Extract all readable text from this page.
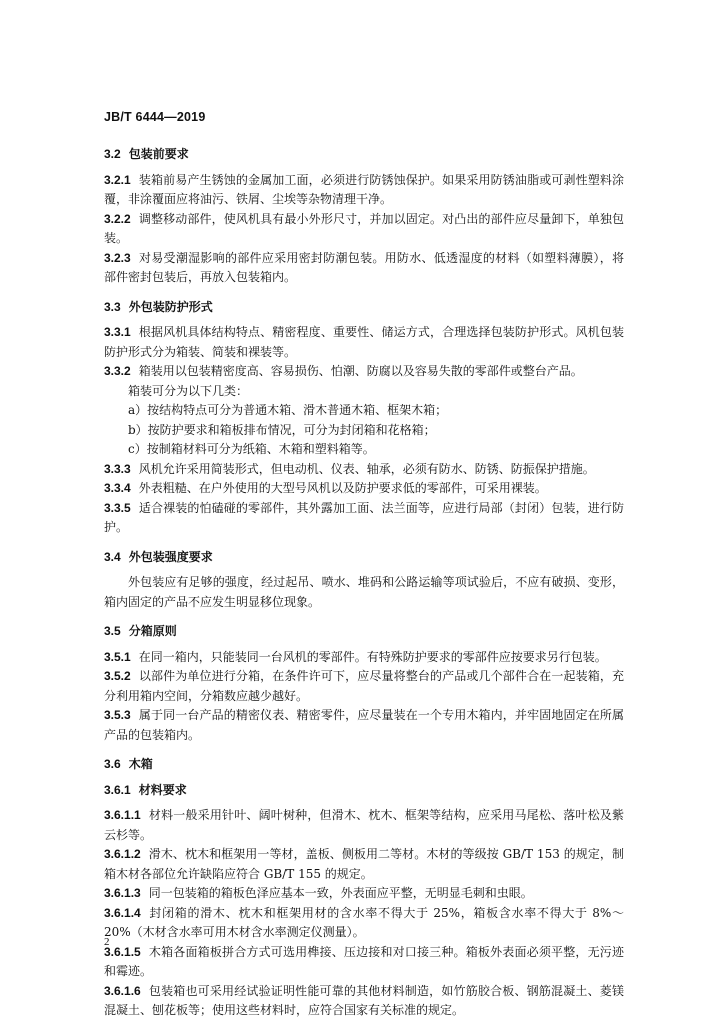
JB/T 6444—2019
3.2 包装前要求

3.2.1 装箱前易产生锈蚀的金属加工面，必须进行防锈蚀保护。如果采用防锈油脂或可剥性塑料涂覆，非涂覆面应将油污、铁屑、尘埃等杂物清理干净。

3.2.2 调整移动部件，使风机具有最小外形尺寸，并加以固定。对凸出的部件应尽量卸下，单独包装。

3.2.3 对易受潮湿影响的部件应采用密封防潮包装。用防水、低透湿度的材料（如塑料薄膜），将部件密封包装后，再放入包装箱内。

3.3 外包装防护形式

3.3.1 根据风机具体结构特点、精密程度、重要性、储运方式，合理选择包装防护形式。风机包装防护形式分为箱装、简装和裸装等。

3.3.2 箱装用以包装精密度高、容易损伤、怕潮、防腐以及容易失散的零部件或整台产品。

箱装可分为以下几类：

a）按结构特点可分为普通木箱、滑木普通木箱、框架木箱；

b）按防护要求和箱板排布情况，可分为封闭箱和花格箱；

c）按制箱材料可分为纸箱、木箱和塑料箱等。

3.3.3 风机允许采用简装形式，但电动机、仪表、轴承，必须有防水、防锈、防振保护措施。

3.3.4 外表粗糙、在户外使用的大型号风机以及防护要求低的零部件，可采用裸装。

3.3.5 适合裸装的怕磕碰的零部件，其外露加工面、法兰面等，应进行局部（封闭）包装，进行防护。

3.4 外包装强度要求

外包装应有足够的强度，经过起吊、喷水、堆码和公路运输等项试验后，不应有破损、变形，箱内固定的产品不应发生明显移位现象。

3.5 分箱原则

3.5.1 在同一箱内，只能装同一台风机的零部件。有特殊防护要求的零部件应按要求另行包装。

3.5.2 以部件为单位进行分箱，在条件许可下，应尽量将整台的产品或几个部件合在一起装箱，充分利用箱内空间，分箱数应越少越好。

3.5.3 属于同一台产品的精密仪表、精密零件，应尽量装在一个专用木箱内，并牢固地固定在所属产品的包装箱内。

3.6 木箱
3.6.1 材料要求

3.6.1.1 材料一般采用针叶、阔叶树种，但滑木、枕木、框架等结构，应采用马尾松、落叶松及紫云杉等。

3.6.1.2 滑木、枕木和框架用一等材，盖板、侧板用二等材。木材的等级按 GB/T 153 的规定，制箱木材各部位允许缺陷应符合 GB/T 155 的规定。

3.6.1.3 同一包装箱的箱板色泽应基本一致，外表面应平整，无明显毛刺和虫眼。

3.6.1.4 封闭箱的滑木、枕木和框架用材的含水率不得大于 25%，箱板含水率不得大于 8%～20%（木材含水率可用木材含水率测定仪测量）。

3.6.1.5 木箱各面箱板拼合方式可选用榫接、压边接和对口接三种。箱板外表面必须平整，无污迹和霉迹。

3.6.1.6 包装箱也可采用经试验证明性能可靠的其他材料制造，如竹筋胶合板、钢筋混凝土、菱镁混凝土、刨花板等；使用这些材料时，应符合国家有关标准的规定。

2
